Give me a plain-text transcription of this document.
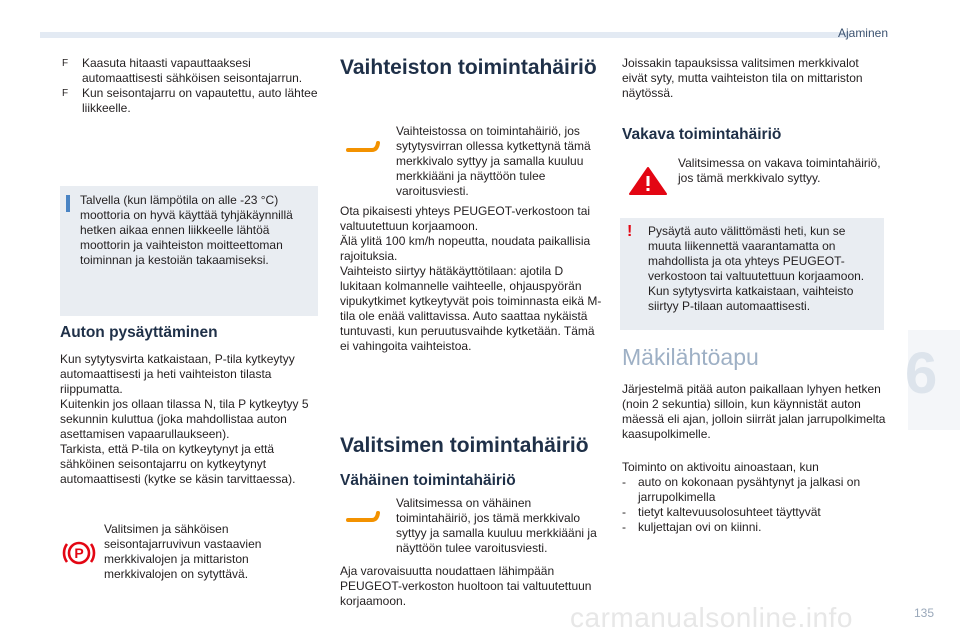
Ajaminen
6
carmanualsonline.info	135
F Kaasuta hitaasti vapauttaaksesi automaattisesti sähköisen seisontajarrun.
F Kun seisontajarru on vapautettu, auto lähtee liikkeelle.
Talvella (kun lämpötila on alle -23 °C) moottoria on hyvä käyttää tyhjäkäynnillä hetken aikaa ennen liikkeelle lähtöä moottorin ja vaihteiston moitteettoman toiminnan ja kestoiän takaamiseksi.
Auton pysäyttäminen

Kun sytytysvirta katkaistaan, P-tila kytkeytyy automaattisesti ja heti vaihteiston tilasta riippumatta.

Kuitenkin jos ollaan tilassa N, tila P kytkeytyy 5 sekunnin kuluttua (joka mahdollistaa auton asettamisen vapaarullaukseen).

Tarkista, että P-tila on kytkeytynyt ja että sähköinen seisontajarru on kytkeytynyt automaattisesti (kytke se käsin tarvittaessa).

P
Valitsimen ja sähköisen seisontajarruvivun vastaavien merkkivalojen ja mittariston merkkivalojen on sytyttävä.
Vaihteiston toimintahäiriö
Vaihteistossa on toimintahäiriö, jos sytytysvirran ollessa kytkettynä tämä merkkivalo syttyy ja samalla kuuluu merkkiääni ja näyttöön tulee varoitusviesti.

Ota pikaisesti yhteys PEUGEOT-verkostoon tai valtuutettuun korjaamoon.

Älä ylitä 100 km/h nopeutta, noudata paikallisia rajoituksia.

Vaihteisto siirtyy hätäkäyttötilaan: ajotila D lukitaan kolmannelle vaihteelle, ohjauspyörän vipukytkimet kytkeytyvät pois toiminnasta eikä M-tila ole enää valittavissa. Auto saattaa nykäistä tuntuvasti, kun peruutusvaihde kytketään. Tämä ei vahingoita vaihteistoa.

Valitsimen toimintahäiriö
Vähäinen toimintahäiriö
Valitsimessa on vähäinen toimintahäiriö, jos tämä merkkivalo syttyy ja samalla kuuluu merkkiääni ja näyttöön tulee varoitusviesti.
Aja varovaisuutta noudattaen lähimpään PEUGEOT-verkoston huoltoon tai valtuutettuun korjaamoon.
Joissakin tapauksissa valitsimen merkkivalot eivät syty, mutta vaihteiston tila on mittariston näytössä.
Vakava toimintahäiriö
Valitsimessa on vakava toimintahäiriö, jos tämä merkkivalo syttyy.
! Pysäytä auto välittömästi heti, kun se muuta liikennettä vaarantamatta on mahdollista ja ota yhteys PEUGEOT-verkostoon tai valtuutettuun korjaamoon. Kun sytytysvirta katkaistaan, vaihteisto siirtyy P-tilaan automaattisesti.
Mäkilähtöapu
Järjestelmä pitää auton paikallaan lyhyen hetken (noin 2 sekuntia) silloin, kun käynnistät auton mäessä eli ajan, jolloin siirrät jalan jarrupolkimelta kaasupolkimelle.
Toiminto on aktivoitu ainoastaan, kun
- auto on kokonaan pysähtynyt ja jalkasi on jarrupolkimella
- tietyt kaltevuusolosuhteet täyttyvät
- kuljettajan ovi on kiinni.
